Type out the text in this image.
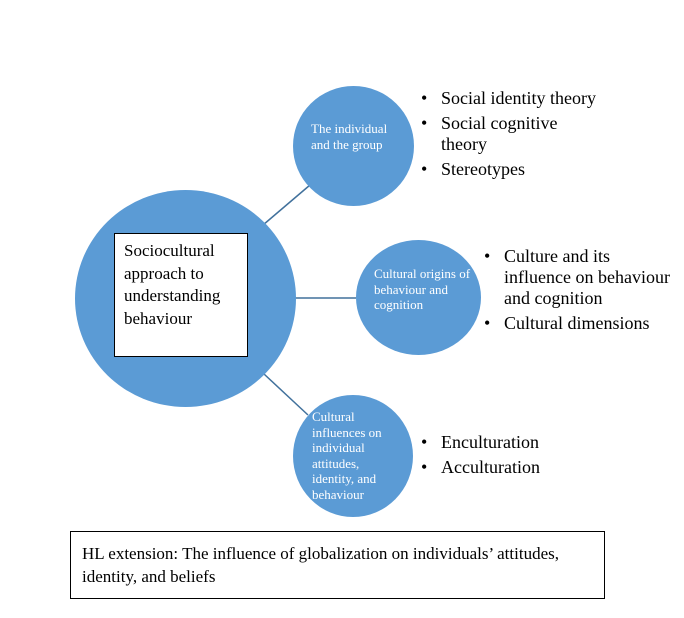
Sociocultural approach to understanding behaviour
The individual and the group
• Social identity theory
• Social cognitive theory
• Stereotypes
Cultural origins of behaviour and cognition
• Culture and its influence on behaviour and cognition
• Cultural dimensions
Cultural influences on individual attitudes, identity, and behaviour
• Enculturation
• Acculturation
HL extension: The influence of globalization on individuals’ attitudes, identity, and beliefs
